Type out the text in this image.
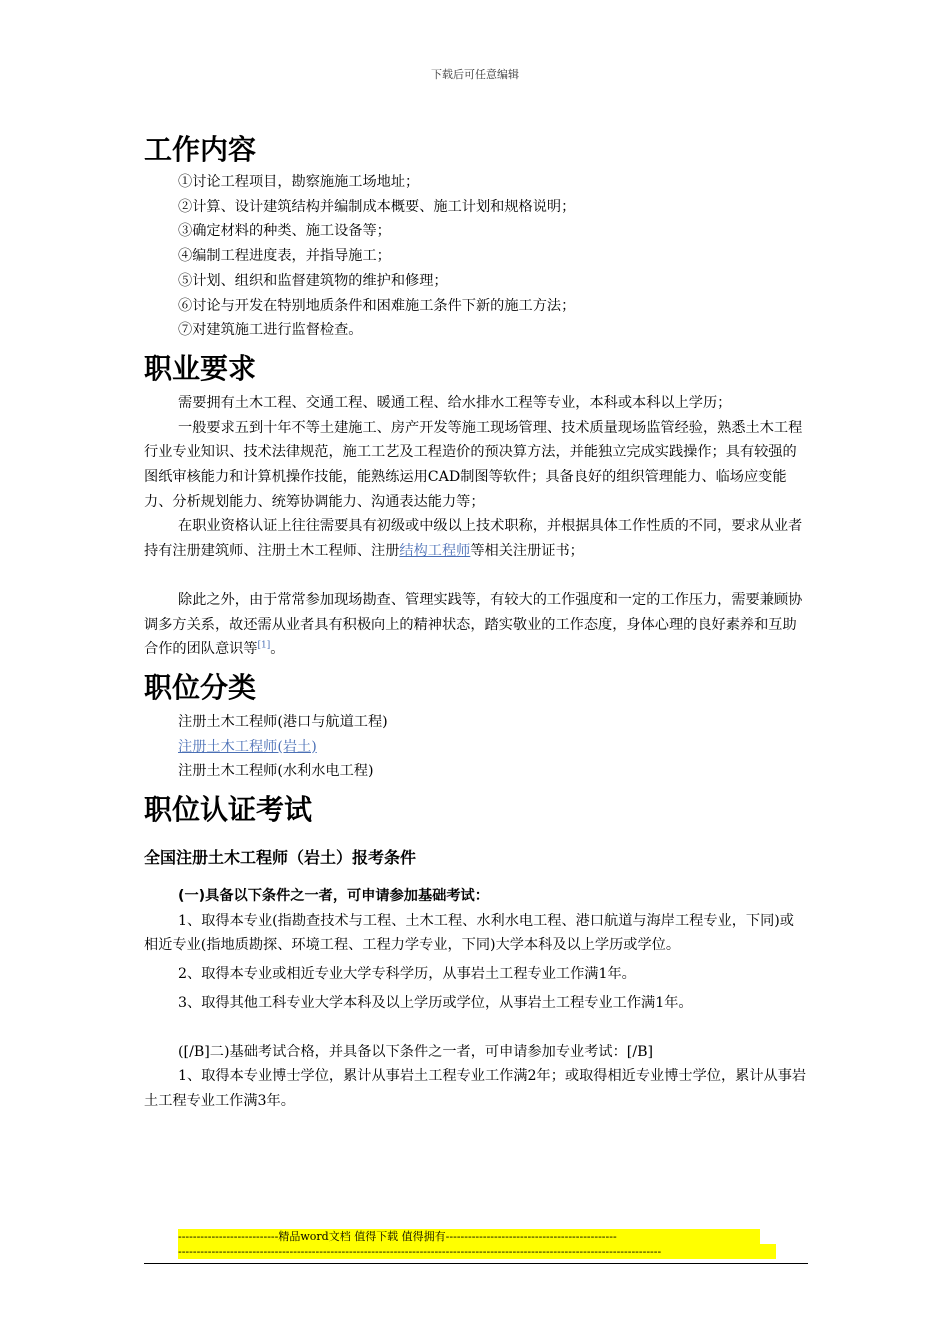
下载后可任意编辑
工作内容
①讨论工程项目，勘察施施工场地址；
②计算、设计建筑结构并编制成本概要、施工计划和规格说明；
③确定材料的种类、施工设备等；
④编制工程进度表，并指导施工；
⑤计划、组织和监督建筑物的维护和修理；
⑥讨论与开发在特别地质条件和困难施工条件下新的施工方法；
⑦对建筑施工进行监督检查。
职业要求

需要拥有土木工程、交通工程、暖通工程、给水排水工程等专业，本科或本科以上学历；

一般要求五到十年不等土建施工、房产开发等施工现场管理、技术质量现场监管经验，熟悉土木工程行业专业知识、技术法律规范，施工工艺及工程造价的预决算方法，并能独立完成实践操作；具有较强的图纸审核能力和计算机操作技能，能熟练运用CAD制图等软件；具备良好的组织管理能力、临场应变能力、分析规划能力、统筹协调能力、沟通表达能力等；

在职业资格认证上往往需要具有初级或中级以上技术职称，并根据具体工作性质的不同，要求从业者持有注册建筑师、注册土木工程师、注册结构工程师等相关注册证书；

除此之外，由于常常参加现场勘查、管理实践等，有较大的工作强度和一定的工作压力，需要兼顾协调多方关系，故还需从业者具有积极向上的精神状态，踏实敬业的工作态度，身体心理的良好素养和互助合作的团队意识等[1]。

职位分类
注册土木工程师(港口与航道工程)
注册土木工程师(岩土)
注册土木工程师(水利水电工程)
职位认证考试
全国注册土木工程师（岩土）报考条件
(一)具备以下条件之一者，可申请参加基础考试：

1、取得本专业(指勘查技术与工程、土木工程、水利水电工程、港口航道与海岸工程专业，下同)或相近专业(指地质勘探、环境工程、工程力学专业，下同)大学本科及以上学历或学位。

2、取得本专业或相近专业大学专科学历，从事岩土工程专业工作满1年。

3、取得其他工科专业大学本科及以上学历或学位，从事岩土工程专业工作满1年。

([/B]二)基础考试合格，并具备以下条件之一者，可申请参加专业考试：[/B]

1、取得本专业博士学位，累计从事岩土工程专业工作满2年；或取得相近专业博士学位，累计从事岩土工程专业工作满3年。

---------------------------精品word文档 值得下载 值得拥有----------------------------------------------
----------------------------------------------------------------------------------------------------------------------------------
